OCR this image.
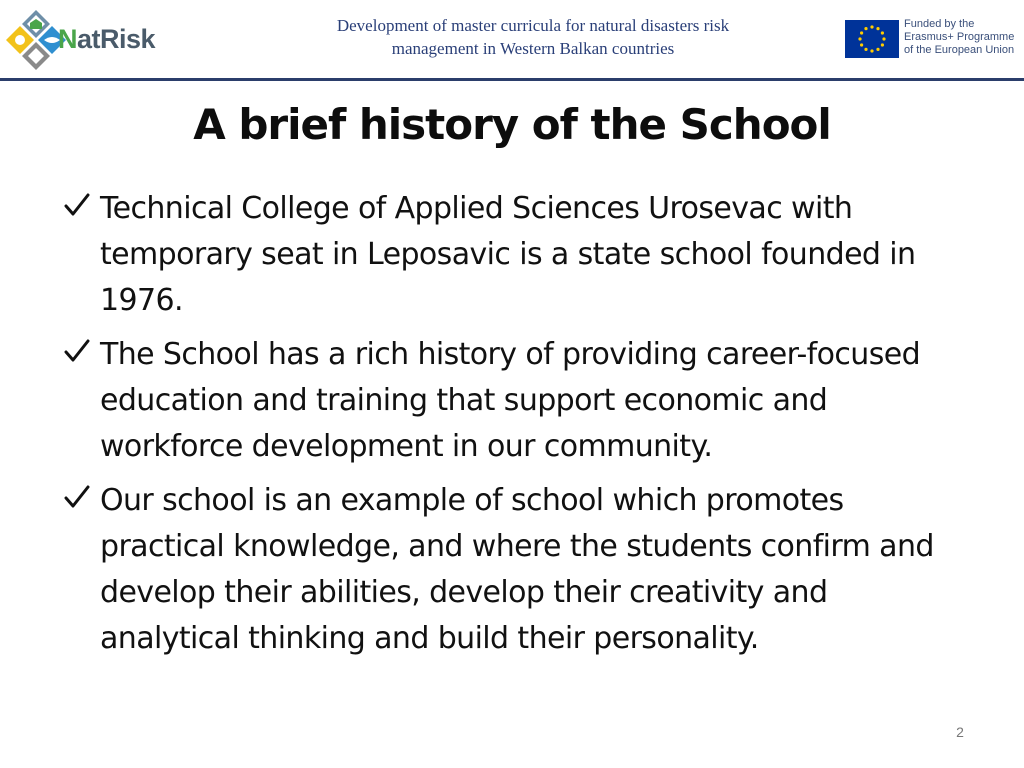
NatRisk	Development of master curricula for natural disasters risk
management in Western Balkan countries
Funded by the
Erasmus+ Programme
of the European Union
A brief history of the School
Technical College of Applied Sciences Urosevac with temporary seat in Leposavic is a state school founded in 1976.
The School has a rich history of providing career-focused education and training that support economic and workforce development in our community.
Our school is an example of school which promotes practical knowledge, and where the students confirm and develop their abilities, develop their creativity and analytical thinking and build their personality.
2
